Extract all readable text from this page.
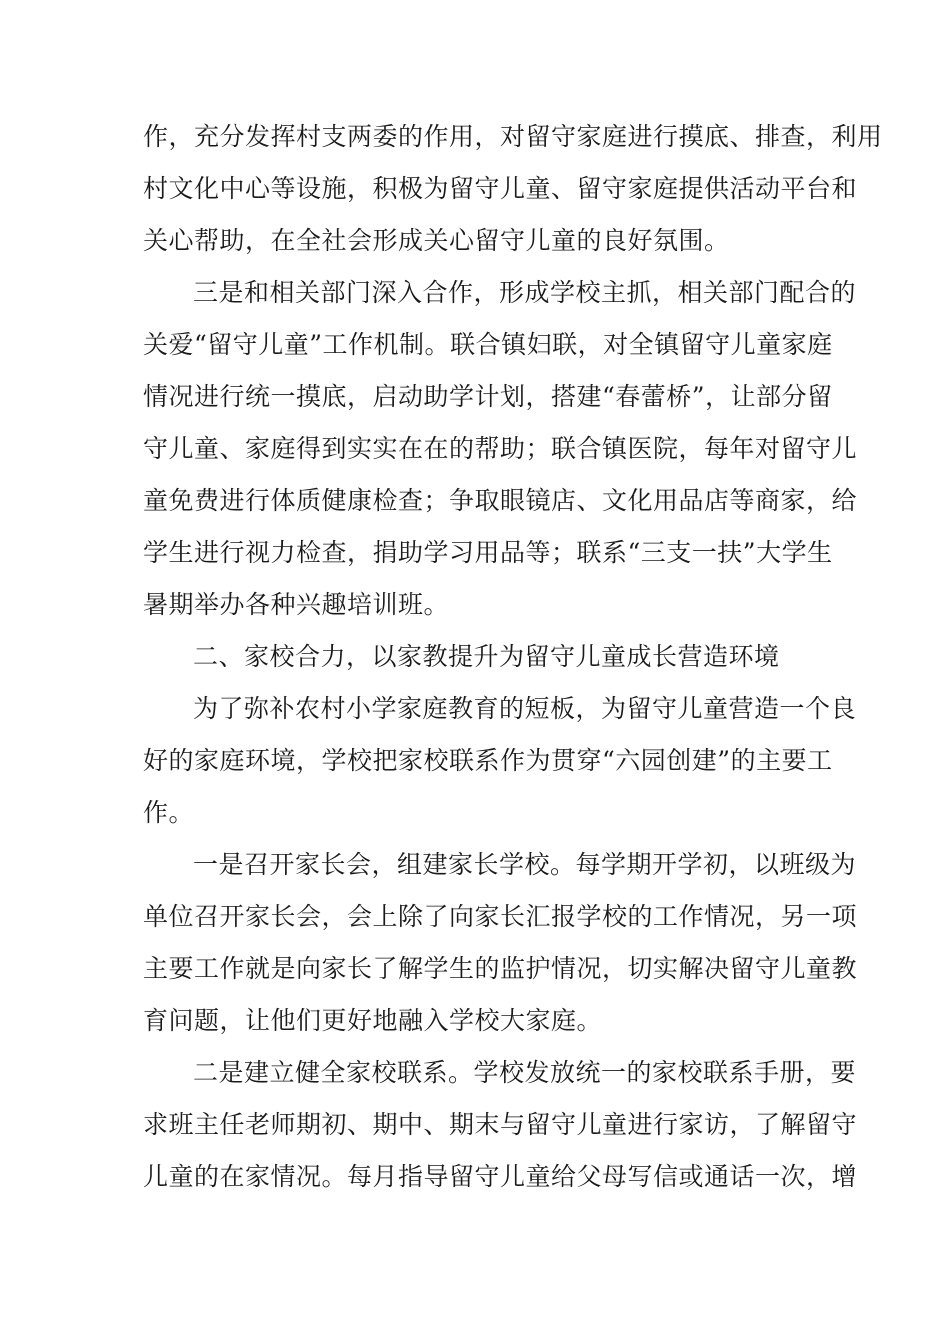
作，充分发挥村支两委的作用，对留守家庭进行摸底、排查，利用
村文化中心等设施，积极为留守儿童、留守家庭提供活动平台和
关心帮助，在全社会形成关心留守儿童的良好氛围。
三是和相关部门深入合作，形成学校主抓，相关部门配合的
关爱“留守儿童”工作机制。联合镇妇联，对全镇留守儿童家庭
情况进行统一摸底，启动助学计划，搭建“春蕾桥”，让部分留
守儿童、家庭得到实实在在的帮助；联合镇医院，每年对留守儿
童免费进行体质健康检查；争取眼镜店、文化用品店等商家，给
学生进行视力检查，捐助学习用品等；联系“三支一扶”大学生
暑期举办各种兴趣培训班。
二、家校合力，以家教提升为留守儿童成长营造环境
为了弥补农村小学家庭教育的短板，为留守儿童营造一个良
好的家庭环境，学校把家校联系作为贯穿“六园创建”的主要工
作。
一是召开家长会，组建家长学校。每学期开学初，以班级为
单位召开家长会，会上除了向家长汇报学校的工作情况，另一项
主要工作就是向家长了解学生的监护情况，切实解决留守儿童教
育问题，让他们更好地融入学校大家庭。
二是建立健全家校联系。学校发放统一的家校联系手册，要
求班主任老师期初、期中、期末与留守儿童进行家访，了解留守
儿童的在家情况。每月指导留守儿童给父母写信或通话一次，增
